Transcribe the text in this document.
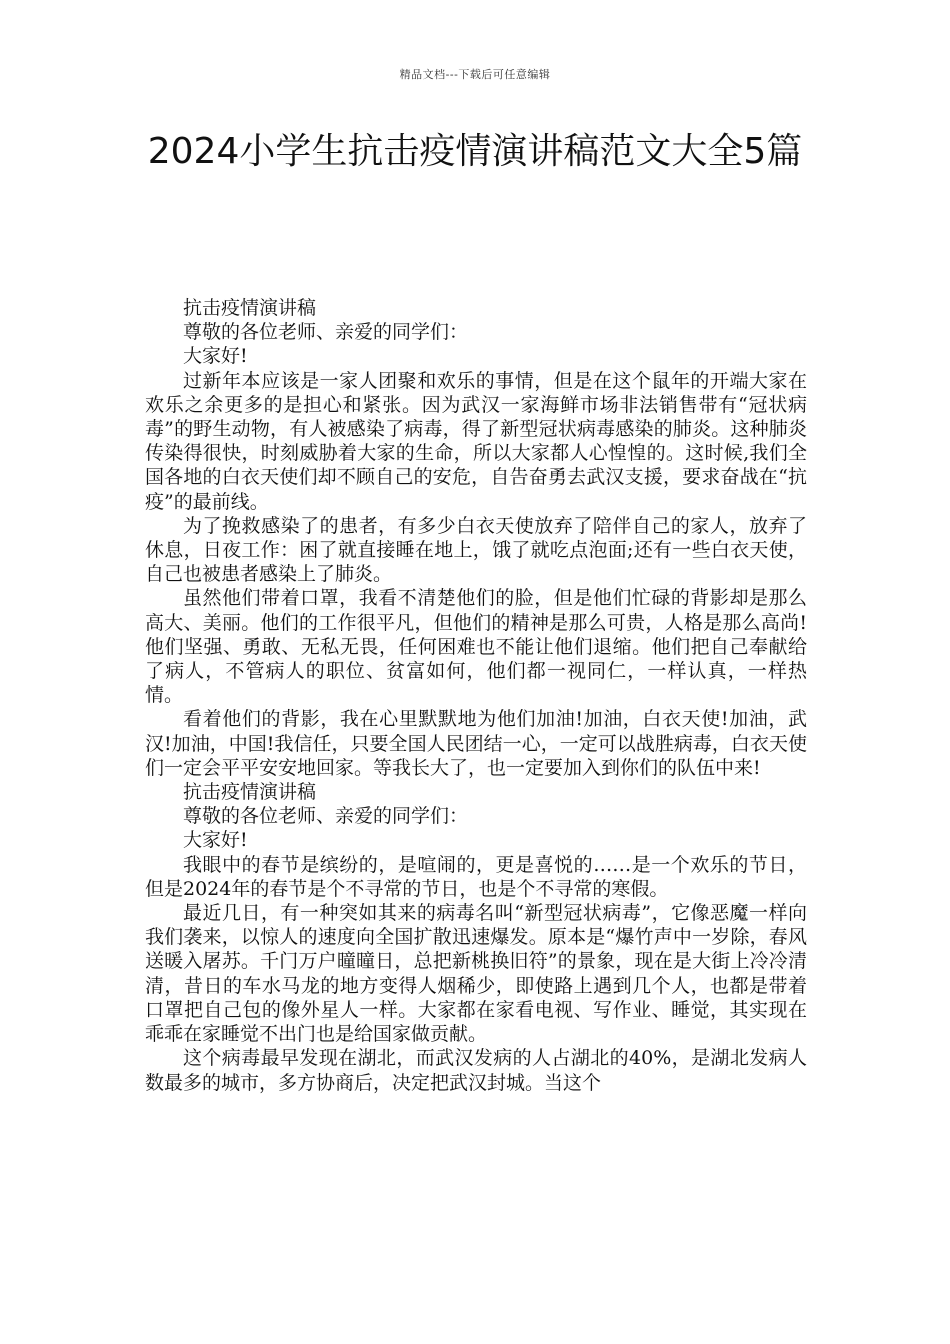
精品文档---下载后可任意编辑
2024小学生抗击疫情演讲稿范文大全5篇

抗击疫情演讲稿

尊敬的各位老师、亲爱的同学们：

大家好!

过新年本应该是一家人团聚和欢乐的事情，但是在这个鼠年的开端大家在欢乐之余更多的是担心和紧张。因为武汉一家海鲜市场非法销售带有“冠状病毒”的野生动物，有人被感染了病毒，得了新型冠状病毒感染的肺炎。这种肺炎传染得很快，时刻威胁着大家的生命，所以大家都人心惶惶的。这时候,我们全国各地的白衣天使们却不顾自己的安危，自告奋勇去武汉支援，要求奋战在“抗疫”的最前线。

为了挽救感染了的患者，有多少白衣天使放弃了陪伴自己的家人，放弃了休息，日夜工作：困了就直接睡在地上，饿了就吃点泡面;还有一些白衣天使，自己也被患者感染上了肺炎。

虽然他们带着口罩，我看不清楚他们的脸，但是他们忙碌的背影却是那么高大、美丽。他们的工作很平凡，但他们的精神是那么可贵，人格是那么高尚!他们坚强、勇敢、无私无畏，任何困难也不能让他们退缩。他们把自己奉献给了病人，不管病人的职位、贫富如何，他们都一视同仁，一样认真，一样热情。

看着他们的背影，我在心里默默地为他们加油!加油，白衣天使!加油，武汉!加油，中国!我信任，只要全国人民团结一心，一定可以战胜病毒，白衣天使们一定会平平安安地回家。等我长大了，也一定要加入到你们的队伍中来!

抗击疫情演讲稿

尊敬的各位老师、亲爱的同学们：

大家好!

我眼中的春节是缤纷的，是喧闹的，更是喜悦的……是一个欢乐的节日，但是2024年的春节是个不寻常的节日，也是个不寻常的寒假。

最近几日，有一种突如其来的病毒名叫“新型冠状病毒”，它像恶魔一样向我们袭来，以惊人的速度向全国扩散迅速爆发。原本是“爆竹声中一岁除，春风送暖入屠苏。千门万户曈曈日，总把新桃换旧符”的景象，现在是大街上冷冷清清，昔日的车水马龙的地方变得人烟稀少，即使路上遇到几个人，也都是带着口罩把自己包的像外星人一样。大家都在家看电视、写作业、睡觉，其实现在乖乖在家睡觉不出门也是给国家做贡献。

这个病毒最早发现在湖北，而武汉发病的人占湖北的40%，是湖北发病人数最多的城市，多方协商后，决定把武汉封城。当这个
